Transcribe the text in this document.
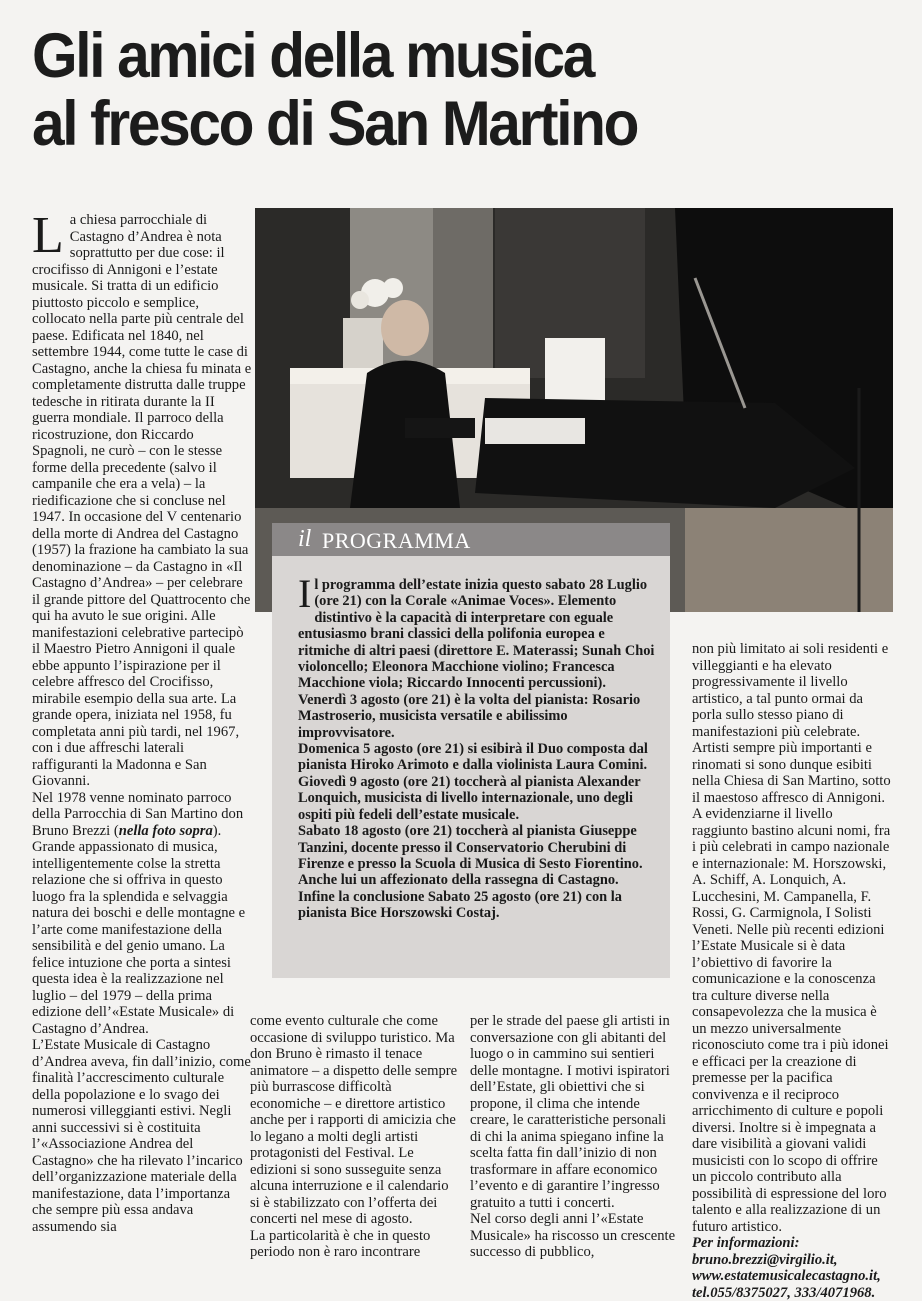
Gli amici della musica
al fresco di San Martino

La chiesa parrocchiale di Castagno d’Andrea è nota soprattutto per due cose: il crocifisso di Annigoni e l’estate musicale. Si tratta di un edificio piuttosto piccolo e semplice, collocato nella parte più centrale del paese. Edificata nel 1840, nel settembre 1944, come tutte le case di Castagno, anche la chiesa fu minata e completamente distrutta dalle truppe tedesche in ritirata durante la II guerra mondiale. Il parroco della ricostruzione, don Riccardo Spagnoli, ne curò – con le stesse forme della precedente (salvo il campanile che era a vela) – la riedificazione che si concluse nel 1947. In occasione del V centenario della morte di Andrea del Castagno (1957) la frazione ha cambiato la sua denominazione – da Castagno in «Il Castagno d’Andrea» – per celebrare il grande pittore del Quattrocento che qui ha avuto le sue origini. Alle manifestazioni celebrative partecipò il Maestro Pietro Annigoni il quale ebbe appunto l’ispirazione per il celebre affresco del Crocifisso, mirabile esempio della sua arte. La grande opera, iniziata nel 1958, fu completata anni più tardi, nel 1967, con i due affreschi laterali raffiguranti la Madonna e San Giovanni.

Nel 1978 venne nominato parroco della Parrocchia di San Martino don Bruno Brezzi (nella foto sopra). Grande appassionato di musica, intelligentemente colse la stretta relazione che si offriva in questo luogo fra la splendida e selvaggia natura dei boschi e delle montagne e l’arte come manifestazione della sensibilità e del genio umano. La felice intuzione che porta a sintesi questa idea è la realizzazione nel luglio – del 1979 – della prima edizione dell’«Estate Musicale» di Castagno d’Andrea.

L’Estate Musicale di Castagno d’Andrea aveva, fin dall’inizio, come finalità l’accrescimento culturale della popolazione e lo svago dei numerosi villeggianti estivi. Negli anni successivi si è costituita l’«Associazione Andrea del Castagno» che ha rilevato l’incarico dell’organizzazione materiale della manifestazione, data l’importanza che sempre più essa andava assumendo sia

il PROGRAMMA

Il programma dell’estate inizia questo sabato 28 Luglio (ore 21) con la Corale «Animae Voces». Elemento distintivo è la capacità di interpretare con eguale entusiasmo brani classici della polifonia europea e ritmiche di altri paesi (direttore E. Materassi; Sunah Choi violoncello; Eleonora Macchione violino; Francesca Macchione viola; Riccardo Innocenti percussioni).

Venerdì 3 agosto (ore 21) è la volta del pianista: Rosario Mastroserio, musicista versatile e abilissimo improvvisatore.

Domenica 5 agosto (ore 21) si esibirà il Duo composta dal pianista Hiroko Arimoto e dalla violinista Laura Comini.

Giovedì 9 agosto (ore 21) toccherà al pianista Alexander Lonquich, musicista di livello internazionale, uno degli ospiti più fedeli dell’estate musicale.

Sabato 18 agosto (ore 21) toccherà al pianista Giuseppe Tanzini, docente presso il Conservatorio Cherubini di Firenze e presso la Scuola di Musica di Sesto Fiorentino. Anche lui un affezionato della rassegna di Castagno.

Infine la conclusione Sabato 25 agosto (ore 21) con la pianista Bice Horszowski Costaj.

come evento culturale che come occasione di sviluppo turistico. Ma don Bruno è rimasto il tenace animatore – a dispetto delle sempre più burrascose difficoltà economiche – e direttore artistico anche per i rapporti di amicizia che lo legano a molti degli artisti protagonisti del Festival. Le edizioni si sono susseguite senza alcuna interruzione e il calendario si è stabilizzato con l’offerta dei concerti nel mese di agosto.

La particolarità è che in questo periodo non è raro incontrare

per le strade del paese gli artisti in conversazione con gli abitanti del luogo o in cammino sui sentieri delle montagne. I motivi ispiratori dell’Estate, gli obiettivi che si propone, il clima che intende creare, le caratteristiche personali di chi la anima spiegano infine la scelta fatta fin dall’inizio di non trasformare in affare economico l’evento e di garantire l’ingresso gratuito a tutti i concerti.

Nel corso degli anni l’«Estate Musicale» ha riscosso un crescente successo di pubblico,

non più limitato ai soli residenti e villeggianti e ha elevato progressivamente il livello artistico, a tal punto ormai da porla sullo stesso piano di manifestazioni più celebrate. Artisti sempre più importanti e rinomati si sono dunque esibiti nella Chiesa di San Martino, sotto il maestoso affresco di Annigoni. A evidenziarne il livello raggiunto bastino alcuni nomi, fra i più celebrati in campo nazionale e internazionale: M. Horszowski, A. Schiff, A. Lonquich, A. Lucchesini, M. Campanella, F. Rossi, G. Carmignola, I Solisti Veneti. Nelle più recenti edizioni l’Estate Musicale si è data l’obiettivo di favorire la comunicazione e la conoscenza tra culture diverse nella consapevolezza che la musica è un mezzo universalmente riconosciuto come tra i più idonei e efficaci per la creazione di premesse per la pacifica convivenza e il reciproco arricchimento di culture e popoli diversi. Inoltre si è impegnata a dare visibilità a giovani validi musicisti con lo scopo di offrire un piccolo contributo alla possibilità di espressione del loro talento e alla realizzazione di un futuro artistico.

Per informazioni:

bruno.brezzi@virgilio.it,

www.estatemusicalecastagno.it,

tel.055/8375027, 333/4071968.
